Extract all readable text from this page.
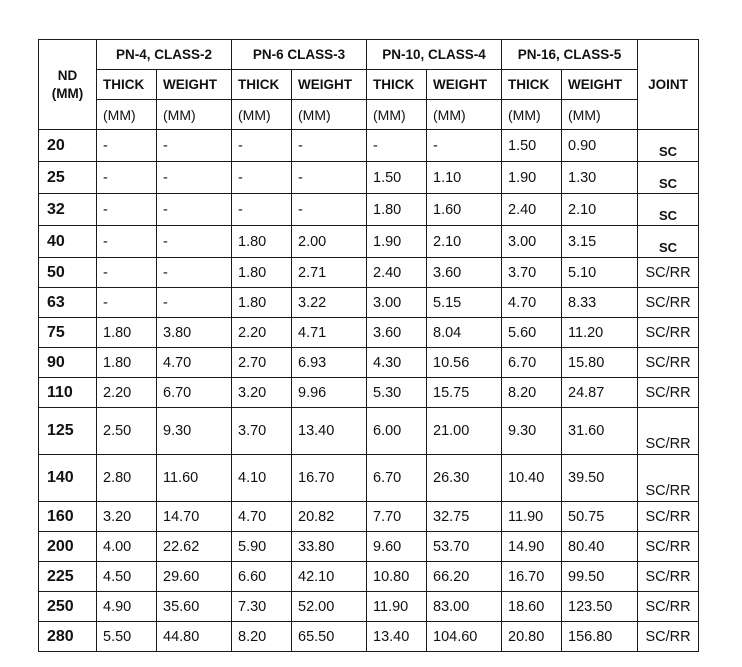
ND
(MM)	PN-4, CLASS-2		PN-6 CLASS-3		PN-10, CLASS-4		PN-16, CLASS-5		JOINT
	THICK	WEIGHT	THICK	WEIGHT	THICK	WEIGHT	THICK	WEIGHT	
	(MM)	(MM)	(MM)	(MM)	(MM)	(MM)	(MM)	(MM)	
20	-	-	-	-	-	-	1.50	0.90	SC
25	-	-	-	-	1.50	1.10	1.90	1.30	SC
32	-	-	-	-	1.80	1.60	2.40	2.10	SC
40	-	-	1.80	2.00	1.90	2.10	3.00	3.15	SC
50	-	-	1.80	2.71	2.40	3.60	3.70	5.10	SC/RR
63	-	-	1.80	3.22	3.00	5.15	4.70	8.33	SC/RR
75	1.80	3.80	2.20	4.71	3.60	8.04	5.60	11.20	SC/RR
90	1.80	4.70	2.70	6.93	4.30	10.56	6.70	15.80	SC/RR
110	2.20	6.70	3.20	9.96	5.30	15.75	8.20	24.87	SC/RR
125	2.50	9.30	3.70	13.40	6.00	21.00	9.30	31.60	SC/RR
140	2.80	11.60	4.10	16.70	6.70	26.30	10.40	39.50	SC/RR
160	3.20	14.70	4.70	20.82	7.70	32.75	11.90	50.75	SC/RR
200	4.00	22.62	5.90	33.80	9.60	53.70	14.90	80.40	SC/RR
225	4.50	29.60	6.60	42.10	10.80	66.20	16.70	99.50	SC/RR
250	4.90	35.60	7.30	52.00	11.90	83.00	18.60	123.50	SC/RR
280	5.50	44.80	8.20	65.50	13.40	104.60	20.80	156.80	SC/RR
